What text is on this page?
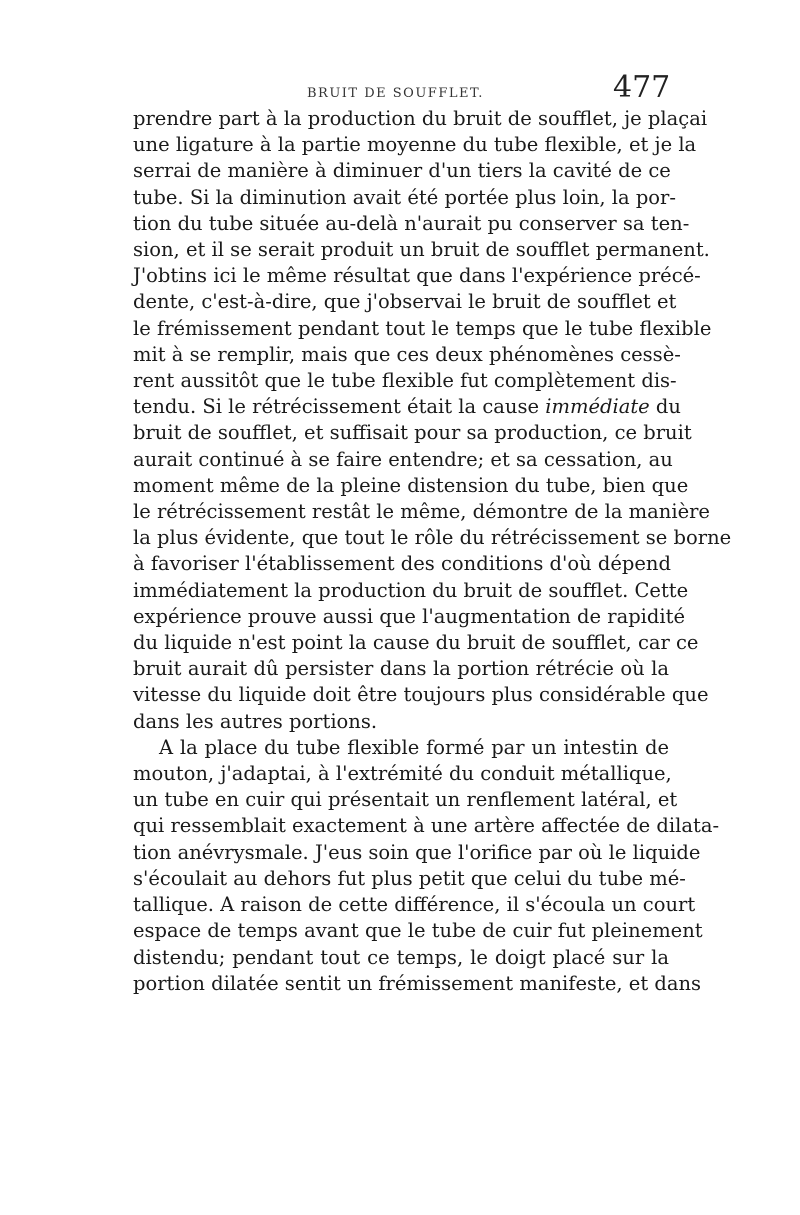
BRUIT DE SOUFFLET.	477
prendre part à la production du bruit de soufflet, je plaçai
une ligature à la partie moyenne du tube flexible, et je la
serrai de manière à diminuer d'un tiers la cavité de ce
tube. Si la diminution avait été portée plus loin, la por-
tion du tube située au-delà n'aurait pu conserver sa ten-
sion, et il se serait produit un bruit de soufflet permanent.
J'obtins ici le même résultat que dans l'expérience précé-
dente, c'est-à-dire, que j'observai le bruit de soufflet et
le frémissement pendant tout le temps que le tube flexible
mit à se remplir, mais que ces deux phénomènes cessè-
rent aussitôt que le tube flexible fut complètement dis-
tendu. Si le rétrécissement était la cause immédiate du
bruit de soufflet, et suffisait pour sa production, ce bruit
aurait continué à se faire entendre; et sa cessation, au
moment même de la pleine distension du tube, bien que
le rétrécissement restât le même, démontre de la manière
la plus évidente, que tout le rôle du rétrécissement se borne
à favoriser l'établissement des conditions d'où dépend
immédiatement la production du bruit de soufflet. Cette
expérience prouve aussi que l'augmentation de rapidité
du liquide n'est point la cause du bruit de soufflet, car ce
bruit aurait dû persister dans la portion rétrécie où la
vitesse du liquide doit être toujours plus considérable que
dans les autres portions.
A la place du tube flexible formé par un intestin de
mouton, j'adaptai, à l'extrémité du conduit métallique,
un tube en cuir qui présentait un renflement latéral, et
qui ressemblait exactement à une artère affectée de dilata-
tion anévrysmale. J'eus soin que l'orifice par où le liquide
s'écoulait au dehors fut plus petit que celui du tube mé-
tallique. A raison de cette différence, il s'écoula un court
espace de temps avant que le tube de cuir fut pleinement
distendu; pendant tout ce temps, le doigt placé sur la
portion dilatée sentit un frémissement manifeste, et dans
